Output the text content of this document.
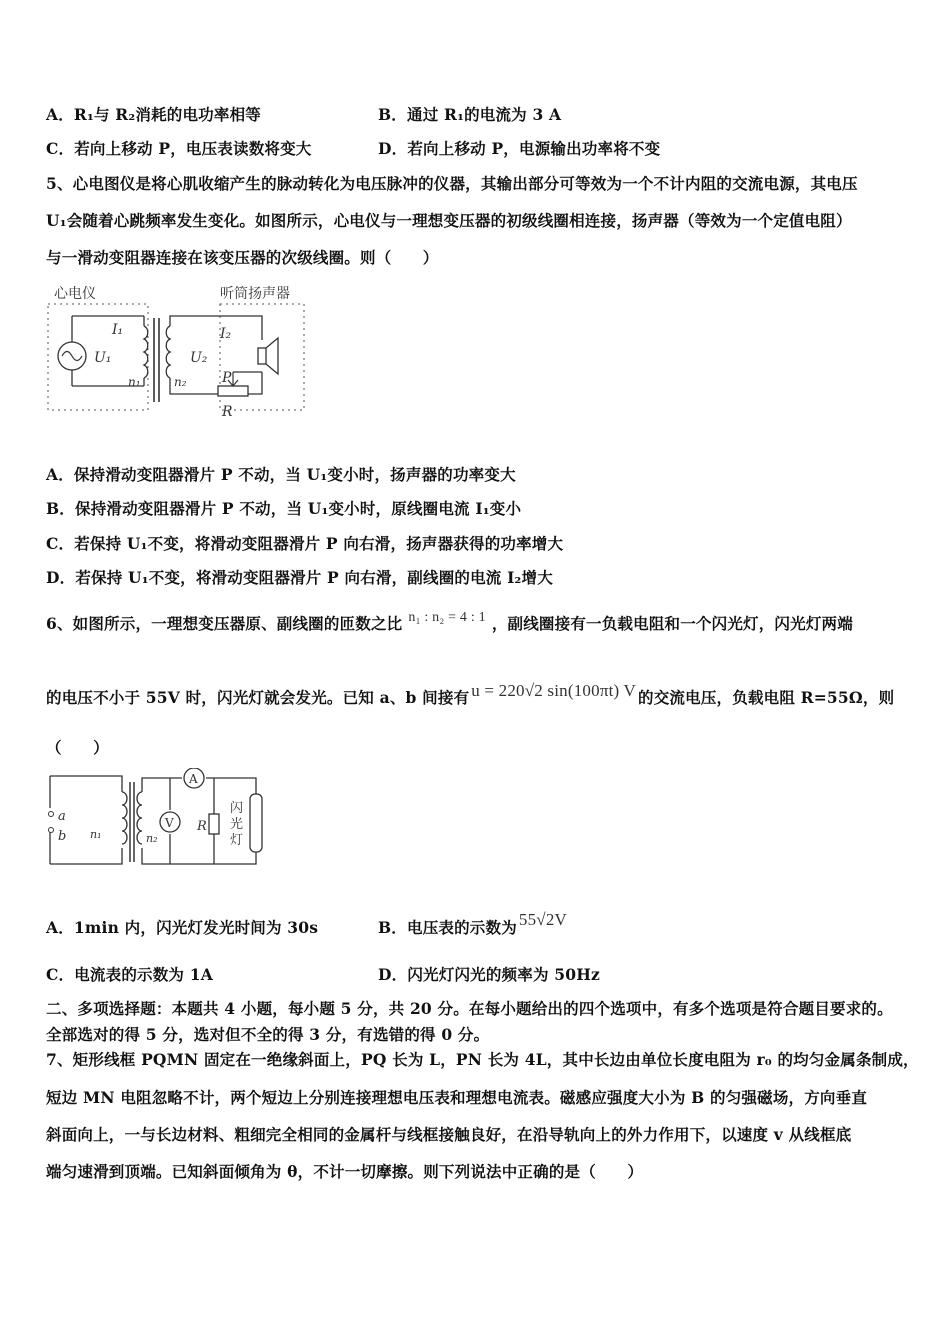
A．R₁与 R₂消耗的电功率相等	B．通过 R₁的电流为 3 A
C．若向上移动 P，电压表读数将变大	D．若向上移动 P，电源输出功率将不变
5、心电图仪是将心肌收缩产生的脉动转化为电压脉冲的仪器，其输出部分可等效为一个不计内阻的交流电源，其电压
U₁会随着心跳频率发生变化。如图所示，心电仪与一理想变压器的初级线圈相连接，扬声器（等效为一个定值电阻）
与一滑动变阻器连接在该变压器的次级线圈。则（　　）
心电仪	听筒扬声器
I₁
U₁
n₁
U₂
n₂
I₂
P
R
A．保持滑动变阻器滑片 P 不动，当 U₁变小时，扬声器的功率变大
B．保持滑动变阻器滑片 P 不动，当 U₁变小时，原线圈电流 I₁变小
C．若保持 U₁不变，将滑动变阻器滑片 P 向右滑，扬声器获得的功率增大
D．若保持 U₁不变，将滑动变阻器滑片 P 向右滑，副线圈的电流 I₂增大
6、如图所示，一理想变压器原、副线圈的匝数之比 n₁ : n₂ = 4 : 1 ，副线圈接有一负载电阻和一个闪光灯，闪光灯两端
的电压不小于 55V 时，闪光灯就会发光。已知 a、b 间接有 u = 220√2 sin(100πt) V 的交流电压，负载电阻 R=55Ω，则
（　　）
a
b n₁	n₂
A
V R
闪
光
灯
A．1min 内，闪光灯发光时间为 30s	B．电压表的示数为 55√2V
C．电流表的示数为 1A	D．闪光灯闪光的频率为 50Hz
二、多项选择题：本题共 4 小题，每小题 5 分，共 20 分。在每小题给出的四个选项中，有多个选项是符合题目要求的。
全部选对的得 5 分，选对但不全的得 3 分，有选错的得 0 分。
7、矩形线框 PQMN 固定在一绝缘斜面上，PQ 长为 L，PN 长为 4L，其中长边由单位长度电阻为 r₀ 的均匀金属条制成，
短边 MN 电阻忽略不计，两个短边上分别连接理想电压表和理想电流表。磁感应强度大小为 B 的匀强磁场，方向垂直
斜面向上，一与长边材料、粗细完全相同的金属杆与线框接触良好，在沿导轨向上的外力作用下，以速度 v 从线框底
端匀速滑到顶端。已知斜面倾角为 θ，不计一切摩擦。则下列说法中正确的是（　　）
